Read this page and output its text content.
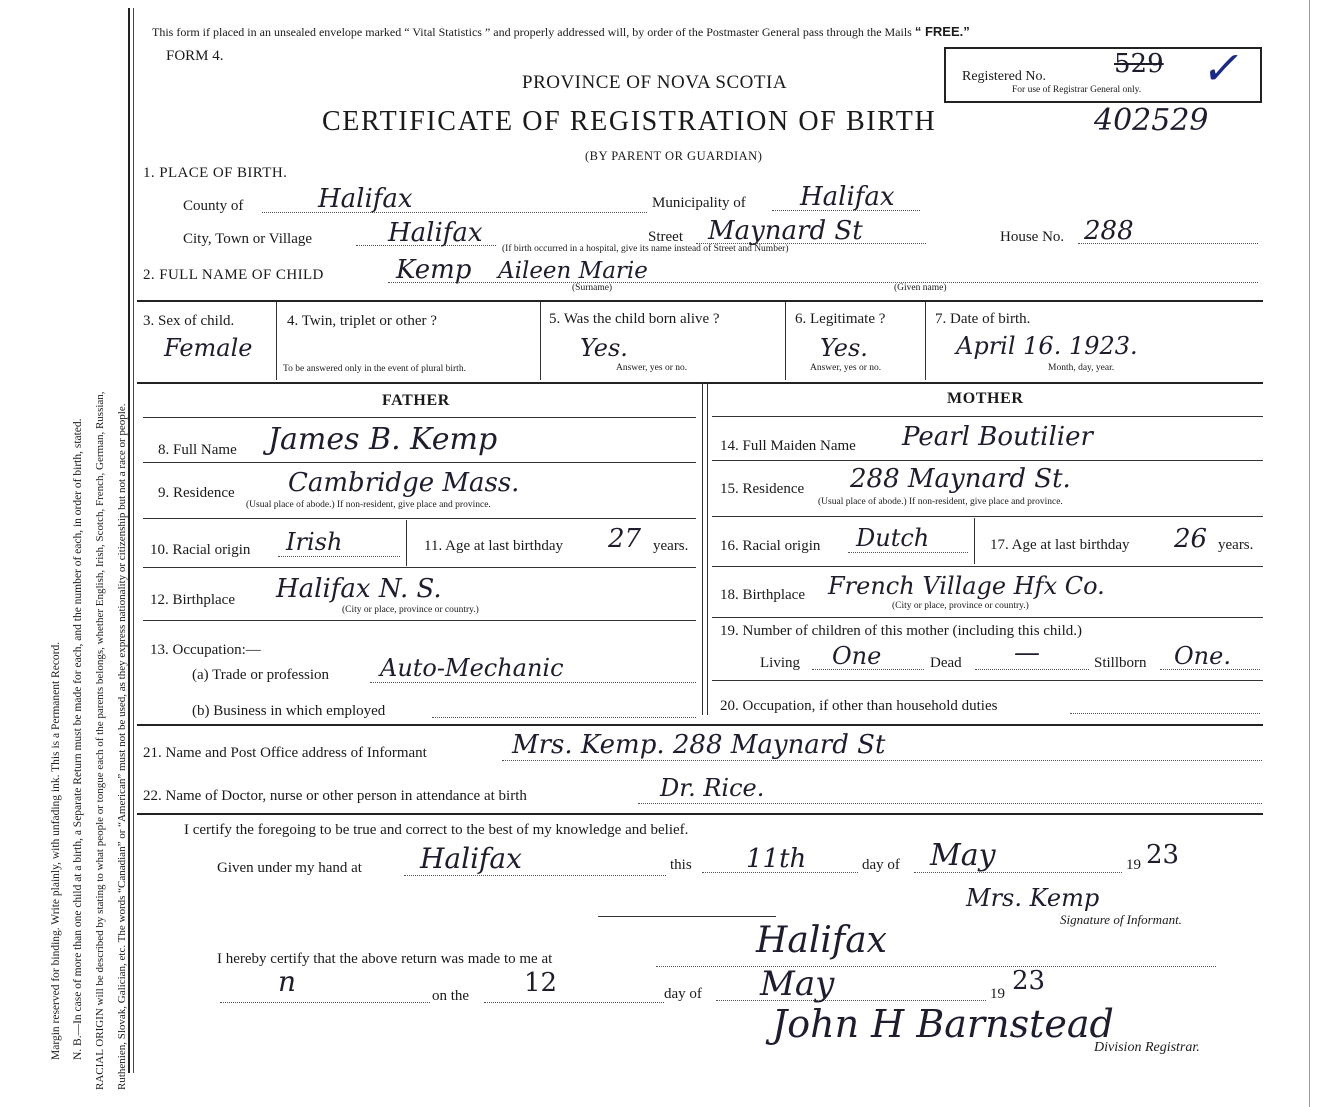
Margin reserved for binding. Write plainly, with unfading ink. This is a Permanent Record. N. B.—In case of more than one child at a birth, a Separate Return must be made for each, and the number of each, in order of birth, stated. RACIAL ORIGIN will be described by stating to what people or tongue each of the parents belongs, whether English, Irish, Scotch, French, German, Russian, Ruthenien, Slovak, Galician, etc. The words “Canadian” or “American” must not be used, as they express nationality or citizenship but not a race or people.
This form if placed in an unsealed envelope marked “ Vital Statistics ” and properly addressed will, by order of the Postmaster General pass through the Mails “ FREE.”
FORM 4.
PROVINCE OF NOVA SCOTIA
CERTIFICATE OF REGISTRATION OF BIRTH	402529
(BY PARENT OR GUARDIAN)
Registered No.	529
For use of Registrar General only. ✓
1. PLACE OF BIRTH.
County of	Halifax	Municipality of Halifax
City, Town or Village	Halifax
(If birth occurred in a hospital, give its name instead of Street and Number)
Street Maynard St	House No. 288
2. FULL NAME OF CHILD	Kemp Aileen Marie
(Surname)	(Given name)
3. Sex of child.
Female
4. Twin, triplet or other ?
To be answered only in the event of plural birth.
5. Was the child born alive ?
Yes.
Answer, yes or no.
6. Legitimate ?
Yes.
Answer, yes or no.
7. Date of birth.
April 16. 1923.
Month, day, year.
FATHER
8. Full Name James B. Kemp
9. Residence Cambridge Mass.
(Usual place of abode.) If non-resident, give place and province.
10. Racial origin Irish	11. Age at last birthday 27 years.
12. Birthplace Halifax N. S.
(City or place, province or country.)
13. Occupation:—
(a) Trade or profession Auto-Mechanic
(b) Business in which employed
MOTHER
14. Full Maiden Name Pearl Boutilier
15. Residence 288 Maynard St.
(Usual place of abode.) If non-resident, give place and province.
16. Racial origin Dutch	17. Age at last birthday 26 years.
18. Birthplace French Village Hfx Co.
(City or place, province or country.)
19. Number of children of this mother (including this child.)
Living One	Dead —	Stillborn One.
20. Occupation, if other than household duties
21. Name and Post Office address of Informant	Mrs. Kemp. 288 Maynard St
22. Name of Doctor, nurse or other person in attendance at birth	Dr. Rice.
I certify the foregoing to be true and correct to the best of my knowledge and belief.
Given under my hand at Halifax	this 11th	day of May	19 23
Mrs. Kemp
Signature of Informant.
I hereby certify that the above return was made to me at	Halifax
n	on the 12	day of May	19 23
John H Barnstead
Division Registrar.
